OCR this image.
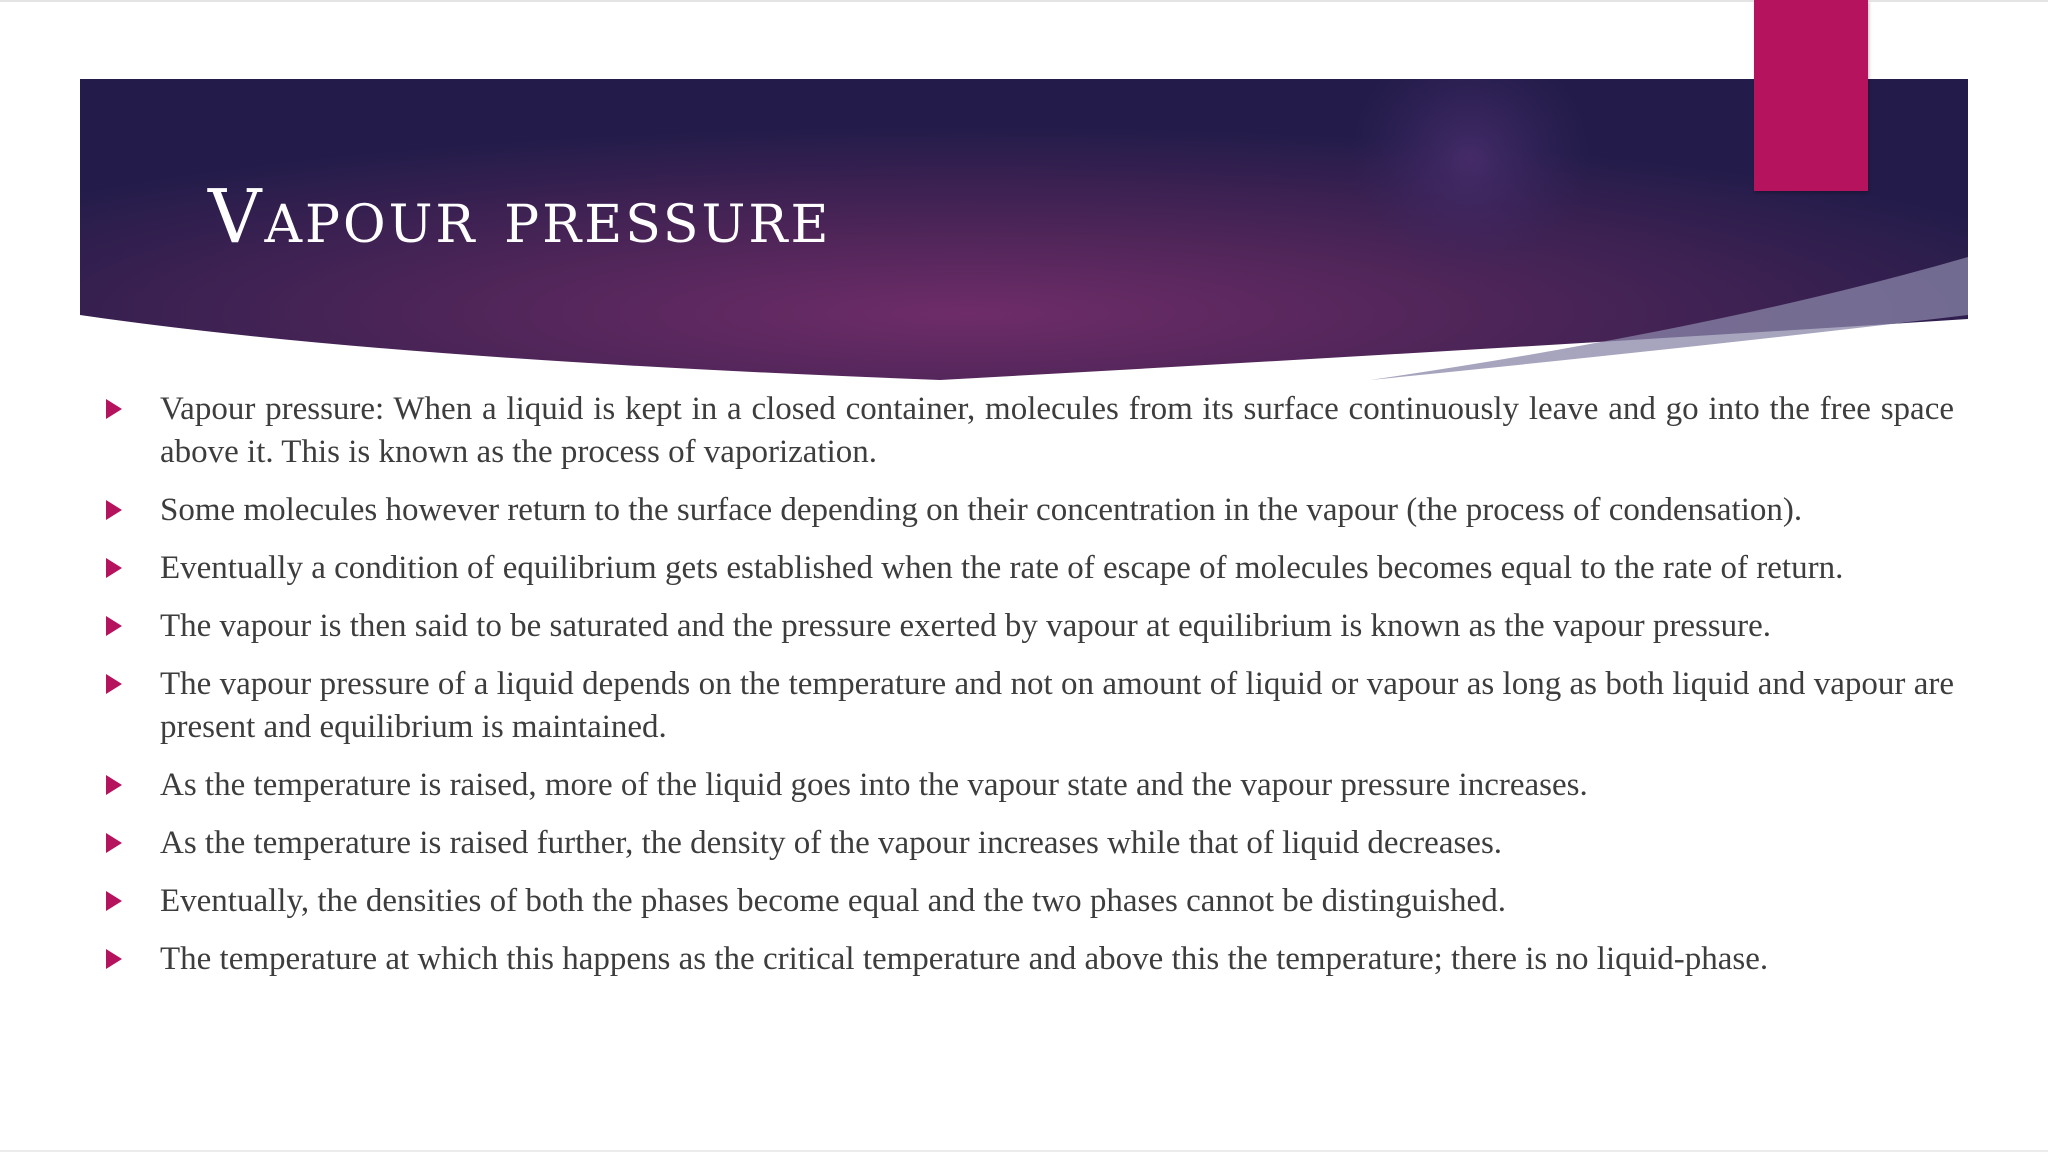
Vapour pressure
Vapour pressure: When a liquid is kept in a closed container, molecules from its surface continuously leave and go into the free space above it. This is known as the process of vaporization.
Some molecules however return to the surface depending on their concentration in the vapour (the process of condensation).
Eventually a condition of equilibrium gets established when the rate of escape of molecules becomes equal to the rate of return.
The vapour is then said to be saturated and the pressure exerted by vapour at equilibrium is known as the vapour pressure.
The vapour pressure of a liquid depends on the temperature and not on amount of liquid or vapour as long as both liquid and vapour are present and equilibrium is maintained.
As the temperature is raised, more of the liquid goes into the vapour state and the vapour pressure increases.
As the temperature is raised further, the density of the vapour increases while that of liquid decreases.
Eventually, the densities of both the phases become equal and the two phases cannot be distinguished.
The temperature at which this happens as the critical temperature and above this the temperature; there is no liquid-phase.
